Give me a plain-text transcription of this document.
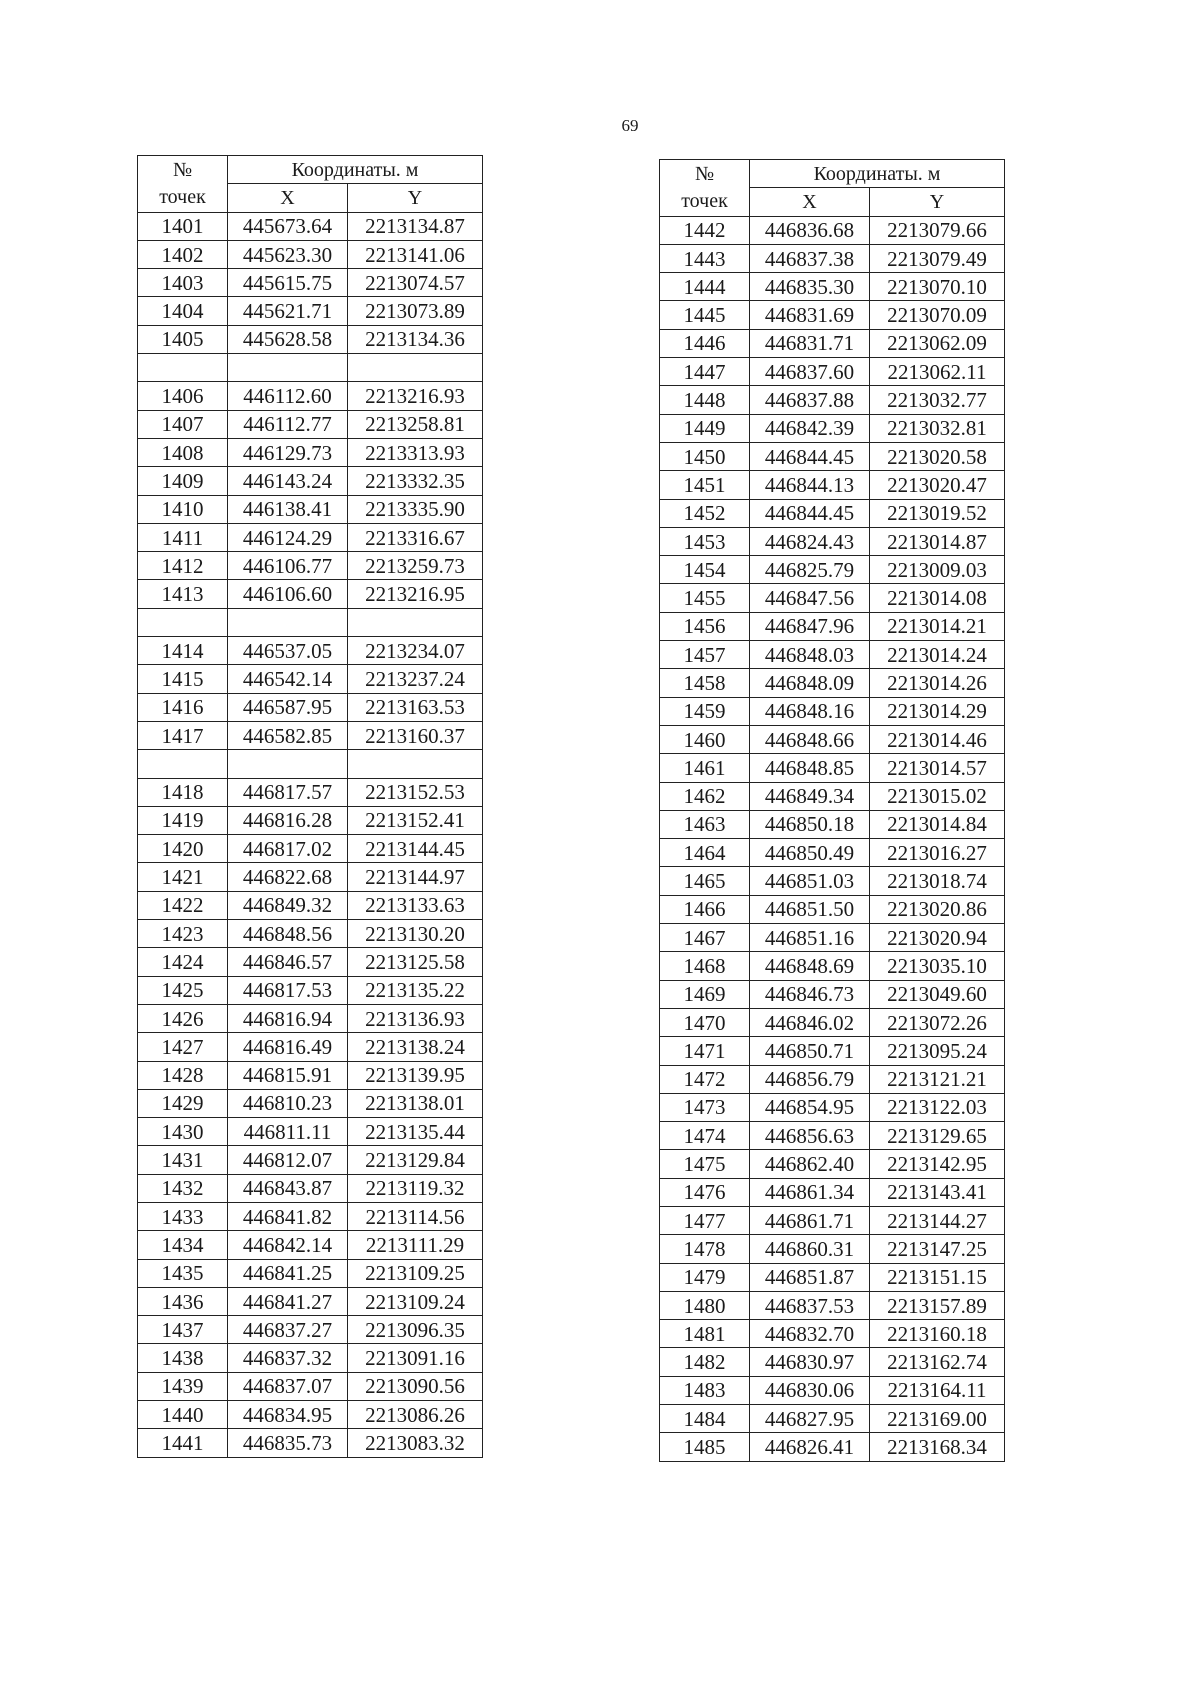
69
№
точек	Координаты. м	
	X	Y
1401	445673.64	2213134.87
1402	445623.30	2213141.06
1403	445615.75	2213074.57
1404	445621.71	2213073.89
1405	445628.58	2213134.36

1406	446112.60	2213216.93
1407	446112.77	2213258.81
1408	446129.73	2213313.93
1409	446143.24	2213332.35
1410	446138.41	2213335.90
1411	446124.29	2213316.67
1412	446106.77	2213259.73
1413	446106.60	2213216.95

1414	446537.05	2213234.07
1415	446542.14	2213237.24
1416	446587.95	2213163.53
1417	446582.85	2213160.37

1418	446817.57	2213152.53
1419	446816.28	2213152.41
1420	446817.02	2213144.45
1421	446822.68	2213144.97
1422	446849.32	2213133.63
1423	446848.56	2213130.20
1424	446846.57	2213125.58
1425	446817.53	2213135.22
1426	446816.94	2213136.93
1427	446816.49	2213138.24
1428	446815.91	2213139.95
1429	446810.23	2213138.01
1430	446811.11	2213135.44
1431	446812.07	2213129.84
1432	446843.87	2213119.32
1433	446841.82	2213114.56
1434	446842.14	2213111.29
1435	446841.25	2213109.25
1436	446841.27	2213109.24
1437	446837.27	2213096.35
1438	446837.32	2213091.16
1439	446837.07	2213090.56
1440	446834.95	2213086.26
1441	446835.73	2213083.32
№
точек	Координаты. м	
	X	Y
1442	446836.68	2213079.66
1443	446837.38	2213079.49
1444	446835.30	2213070.10
1445	446831.69	2213070.09
1446	446831.71	2213062.09
1447	446837.60	2213062.11
1448	446837.88	2213032.77
1449	446842.39	2213032.81
1450	446844.45	2213020.58
1451	446844.13	2213020.47
1452	446844.45	2213019.52
1453	446824.43	2213014.87
1454	446825.79	2213009.03
1455	446847.56	2213014.08
1456	446847.96	2213014.21
1457	446848.03	2213014.24
1458	446848.09	2213014.26
1459	446848.16	2213014.29
1460	446848.66	2213014.46
1461	446848.85	2213014.57
1462	446849.34	2213015.02
1463	446850.18	2213014.84
1464	446850.49	2213016.27
1465	446851.03	2213018.74
1466	446851.50	2213020.86
1467	446851.16	2213020.94
1468	446848.69	2213035.10
1469	446846.73	2213049.60
1470	446846.02	2213072.26
1471	446850.71	2213095.24
1472	446856.79	2213121.21
1473	446854.95	2213122.03
1474	446856.63	2213129.65
1475	446862.40	2213142.95
1476	446861.34	2213143.41
1477	446861.71	2213144.27
1478	446860.31	2213147.25
1479	446851.87	2213151.15
1480	446837.53	2213157.89
1481	446832.70	2213160.18
1482	446830.97	2213162.74
1483	446830.06	2213164.11
1484	446827.95	2213169.00
1485	446826.41	2213168.34
